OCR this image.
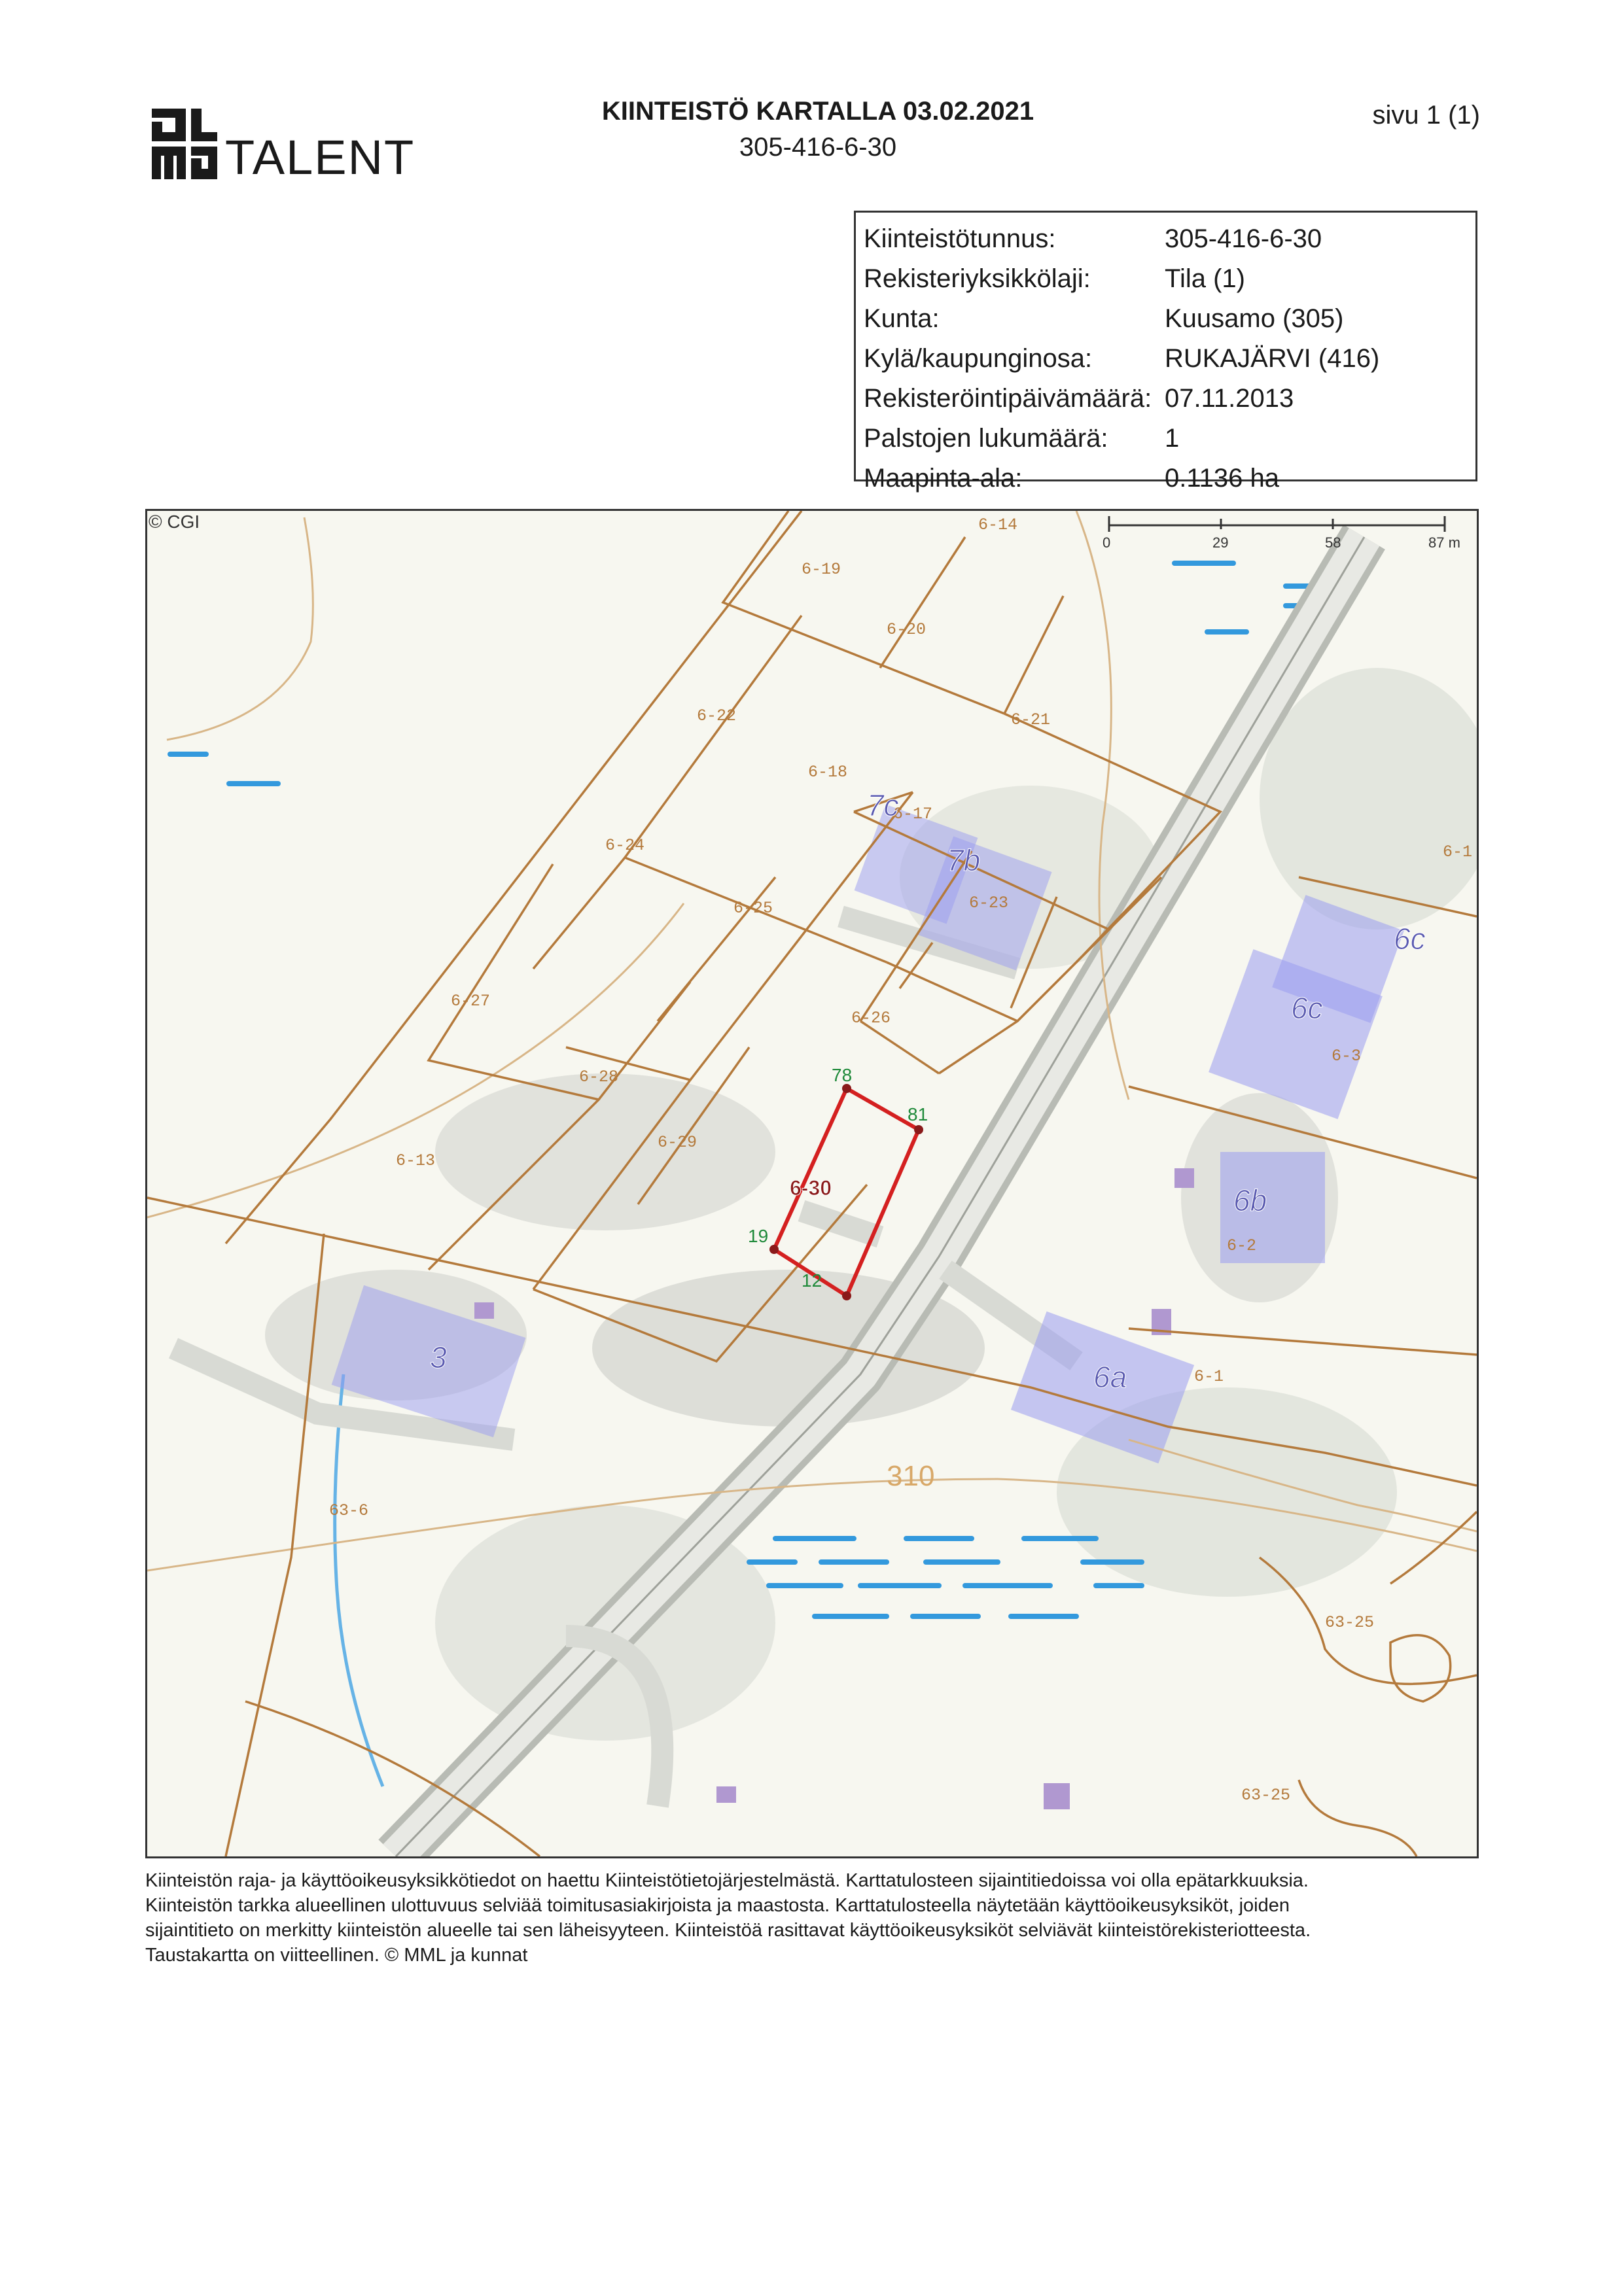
TALENT
KIINTEISTÖ KARTALLA 03.02.2021
305-416-6-30
sivu 1 (1)
Kiinteistötunnus:	305-416-6-30
Rekisteriyksikkölaji:	Tila (1)
Kunta:	Kuusamo (305)
Kylä/kaupunginosa:	RUKAJÄRVI (416)
Rekisteröintipäivämäärä: 07.11.2013
Palstojen lukumäärä:	1
Maapinta-ala:	0.1136 ha
© CGI
0	29	58	87 m
6-14
6-19
6-20
6-21
6-22
6-18
6-17
6-24
6-25	6-23
6-27
6-26
6-28
6-29
6-13
6-1
6-3
6-2
6-1
63-6
63-25
63-25
7c
7b
6c
6c
6b
6a
3
6-30
78
81
19
12
310

Kiinteistön raja- ja käyttöoikeusyksikkötiedot on haettu Kiinteistötietojärjestelmästä. Karttatulosteen sijaintitiedoissa voi olla epätarkkuuksia.

Kiinteistön tarkka alueellinen ulottuvuus selviää toimitusasiakirjoista ja maastosta. Karttatulosteella näytetään käyttöoikeusyksiköt, joiden

sijaintitieto on merkitty kiinteistön alueelle tai sen läheisyyteen. Kiinteistöä rasittavat käyttöoikeusyksiköt selviävät kiinteistörekisteriotteesta.

Taustakartta on viitteellinen. © MML ja kunnat
